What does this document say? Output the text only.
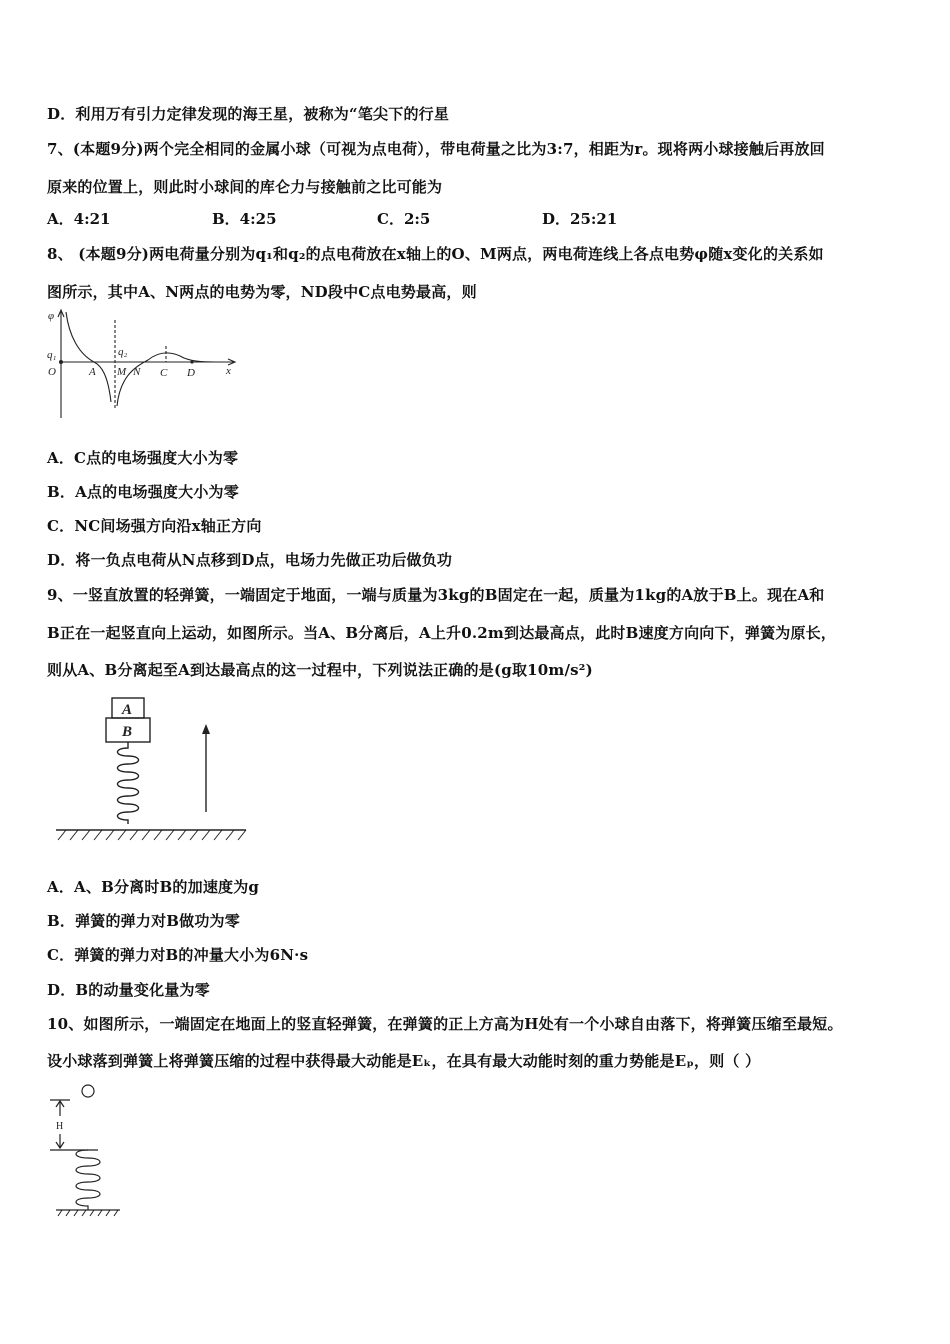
D．利用万有引力定律发现的海王星，被称为“笔尖下的行星
7、(本题9分)两个完全相同的金属小球（可视为点电荷），带电荷量之比为3:7，相距为r。现将两小球接触后再放回
原来的位置上，则此时小球间的库仑力与接触前之比可能为
A．4:21	B．4:25	C．2:5	D．25:21
8、 (本题9分)两电荷量分别为q₁和q₂的点电荷放在x轴上的O、M两点，两电荷连线上各点电势φ随x变化的关系如
图所示，其中A、N两点的电势为零，ND段中C点电势最高，则
φ
q₁	q₂
O	A M N C D	x
A．C点的电场强度大小为零
B．A点的电场强度大小为零
C．NC间场强方向沿x轴正方向
D．将一负点电荷从N点移到D点，电场力先做正功后做负功
9、一竖直放置的轻弹簧，一端固定于地面，一端与质量为3kg的B固定在一起，质量为1kg的A放于B上。现在A和
B正在一起竖直向上运动，如图所示。当A、B分离后，A上升0.2m到达最高点，此时B速度方向向下，弹簧为原长，
则从A、B分离起至A到达最高点的这一过程中，下列说法正确的是(g取10m/s²)
A
B
A．A、B分离时B的加速度为g
B．弹簧的弹力对B做功为零
C．弹簧的弹力对B的冲量大小为6N·s
D．B的动量变化量为零
10、如图所示，一端固定在地面上的竖直轻弹簧，在弹簧的正上方高为H处有一个小球自由落下，将弹簧压缩至最短。
设小球落到弹簧上将弹簧压缩的过程中获得最大动能是Eₖ，在具有最大动能时刻的重力势能是Eₚ，则（ ）
H
